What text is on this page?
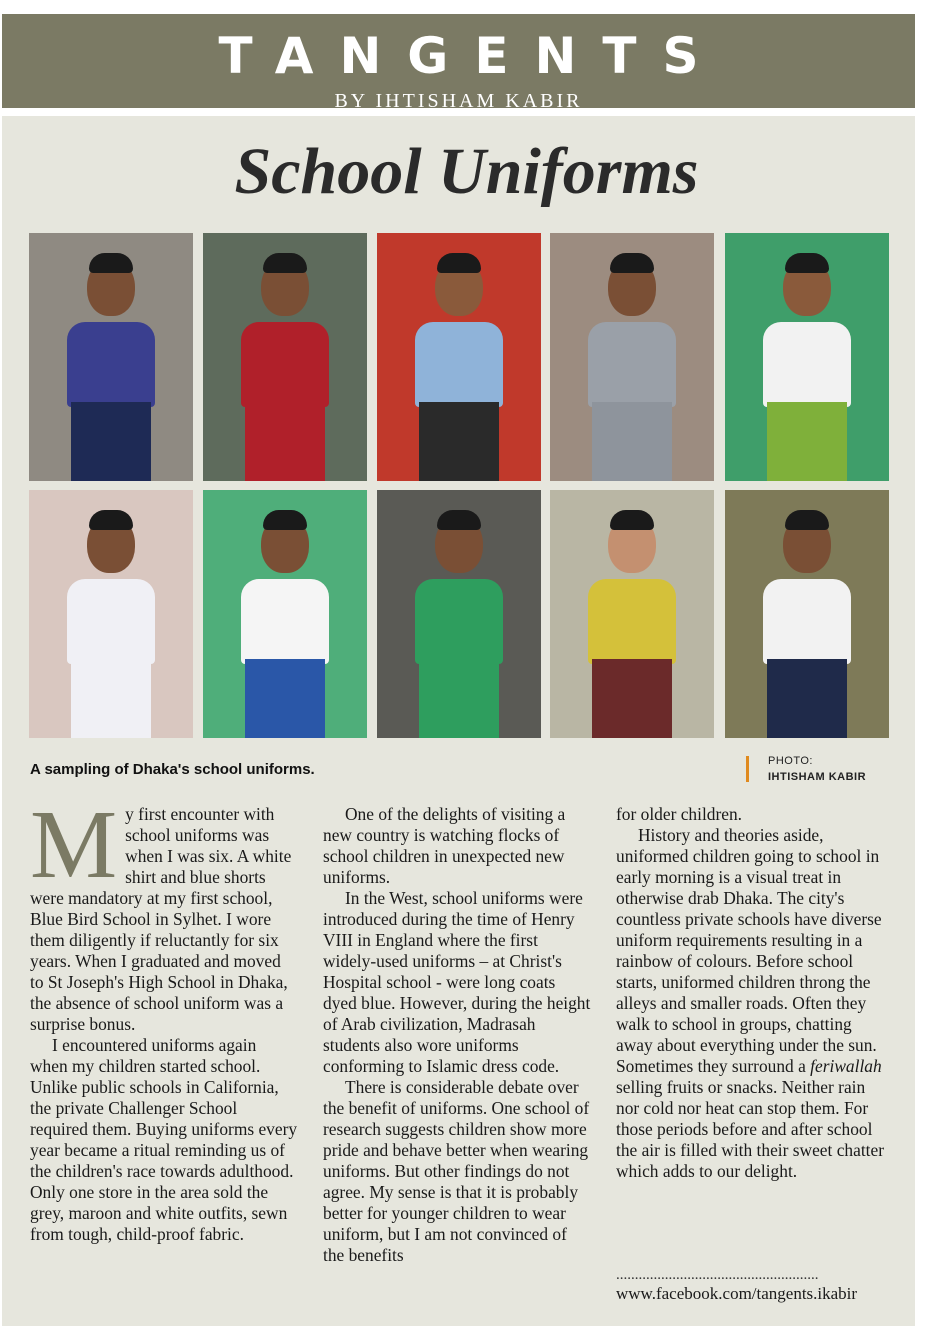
TANGENTS
BY IHTISHAM KABIR
School Uniforms
A sampling of Dhaka's school uniforms.	PHOTO:
IHTISHAM KABIR

My first encounter with school uniforms was when I was six. A white shirt and blue shorts were mandatory at my first school, Blue Bird School in Sylhet. I wore them diligently if reluctantly for six years. When I graduated and moved to St Joseph's High School in Dhaka, the absence of school uniform was a surprise bonus.

I encountered uniforms again when my children started school. Unlike public schools in California, the private Challenger School required them. Buying uniforms every year became a ritual reminding us of the children's race towards adulthood. Only one store in the area sold the grey, maroon and white outfits, sewn from tough, child-proof fabric.

One of the delights of visiting a new country is watching flocks of school children in unexpected new uniforms.

In the West, school uniforms were introduced during the time of Henry VIII in England where the first widely-used uniforms – at Christ's Hospital school - were long coats dyed blue. However, during the height of Arab civilization, Madrasah students also wore uniforms conforming to Islamic dress code.

There is considerable debate over the benefit of uniforms. One school of research suggests children show more pride and behave better when wearing uniforms. But other findings do not agree. My sense is that it is probably better for younger children to wear uniform, but I am not convinced of the benefits

for older children.

History and theories aside, uniformed children going to school in early morning is a visual treat in otherwise drab Dhaka. The city's countless private schools have diverse uniform requirements resulting in a rainbow of colours. Before school starts, uniformed children throng the alleys and smaller roads. Often they walk to school in groups, chatting away about everything under the sun. Sometimes they surround a feriwallah selling fruits or snacks. Neither rain nor cold nor heat can stop them. For those periods before and after school the air is filled with their sweet chatter which adds to our delight.

......................................................
www.facebook.com/tangents.ikabir
